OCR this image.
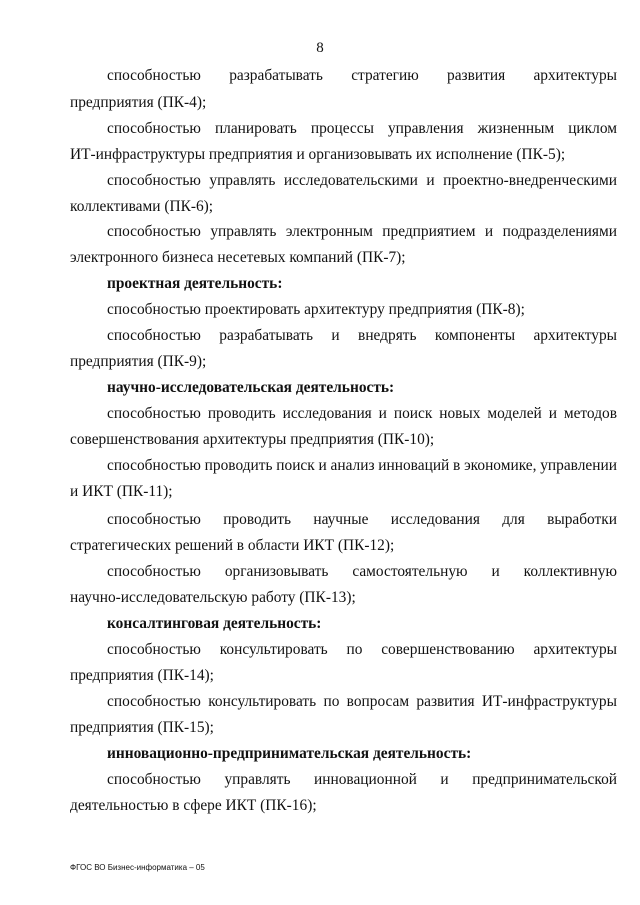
8
способностью разрабатывать стратегию развития архитектуры
предприятия (ПК-4);
способностью планировать процессы управления жизненным циклом
ИТ-инфраструктуры предприятия и организовывать их исполнение (ПК-5);
способностью управлять исследовательскими и проектно-внедренческими
коллективами (ПК-6);
способностью управлять электронным предприятием и подразделениями
электронного бизнеса несетевых компаний (ПК-7);
проектная деятельность:
способностью проектировать архитектуру предприятия (ПК-8);
способностью разрабатывать и внедрять компоненты архитектуры
предприятия (ПК-9);
научно-исследовательская деятельность:
способностью проводить исследования и поиск новых моделей и методов
совершенствования архитектуры предприятия (ПК-10);
способностью проводить поиск и анализ инноваций в экономике, управлении
и ИКТ (ПК-11);
способностью проводить научные исследования для выработки
стратегических решений в области ИКТ (ПК-12);
способностью организовывать самостоятельную и коллективную
научно-исследовательскую работу (ПК-13);
консалтинговая деятельность:
способностью консультировать по совершенствованию архитектуры
предприятия (ПК-14);
способностью консультировать по вопросам развития ИТ-инфраструктуры
предприятия (ПК-15);
инновационно-предпринимательская деятельность:
способностью управлять инновационной и предпринимательской
деятельностью в сфере ИКТ (ПК-16);
ФГОС ВО Бизнес-информатика – 05
